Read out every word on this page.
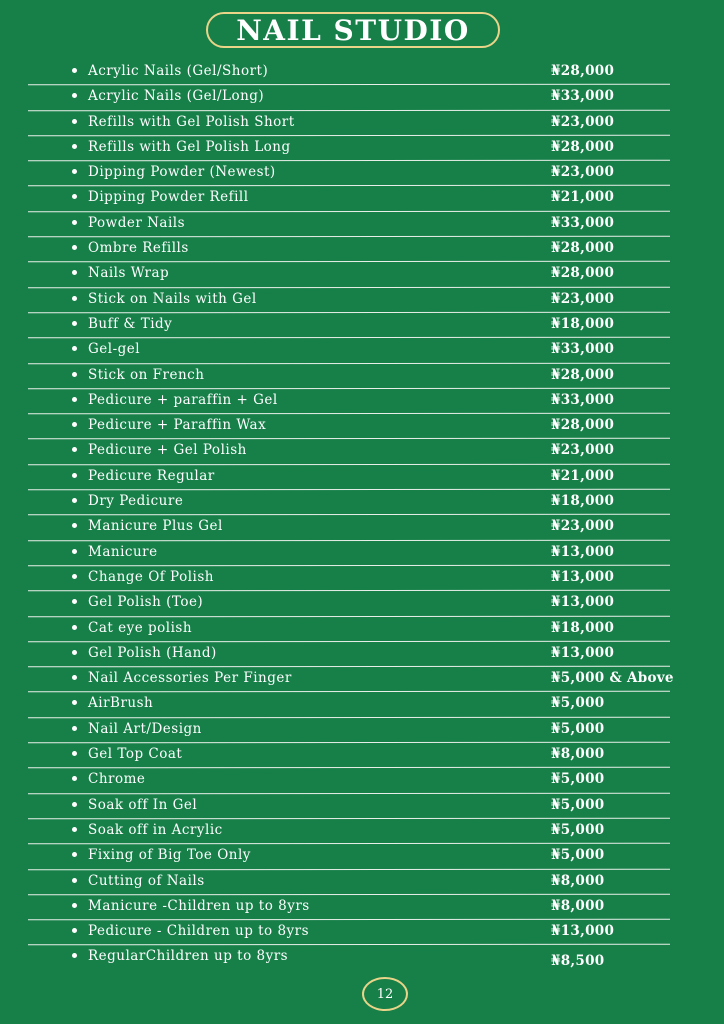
NAIL STUDIO
Acrylic Nails (Gel/Short)	₦28,000
Acrylic Nails (Gel/Long)	₦33,000
Refills with Gel Polish Short	₦23,000
Refills with Gel Polish Long	₦28,000
Dipping Powder (Newest)	₦23,000
Dipping Powder Refill	₦21,000
Powder Nails	₦33,000
Ombre Refills	₦28,000
Nails Wrap	₦28,000
Stick on Nails with Gel	₦23,000
Buff & Tidy	₦18,000
Gel-gel	₦33,000
Stick on French	₦28,000
Pedicure + paraffin + Gel	₦33,000
Pedicure + Paraffin Wax	₦28,000
Pedicure + Gel Polish	₦23,000
Pedicure Regular	₦21,000
Dry Pedicure	₦18,000
Manicure Plus Gel	₦23,000
Manicure	₦13,000
Change Of Polish	₦13,000
Gel Polish (Toe)	₦13,000
Cat eye polish	₦18,000
Gel Polish (Hand)	₦13,000
Nail Accessories Per Finger	₦5,000 & Above
AirBrush	₦5,000
Nail Art/Design	₦5,000
Gel Top Coat	₦8,000
Chrome	₦5,000
Soak off In Gel	₦5,000
Soak off in Acrylic	₦5,000
Fixing of Big Toe Only	₦5,000
Cutting of Nails	₦8,000
Manicure -Children up to 8yrs	₦8,000
Pedicure - Children up to 8yrs	₦13,000
RegularChildren up to 8yrs	₦8,500
12
